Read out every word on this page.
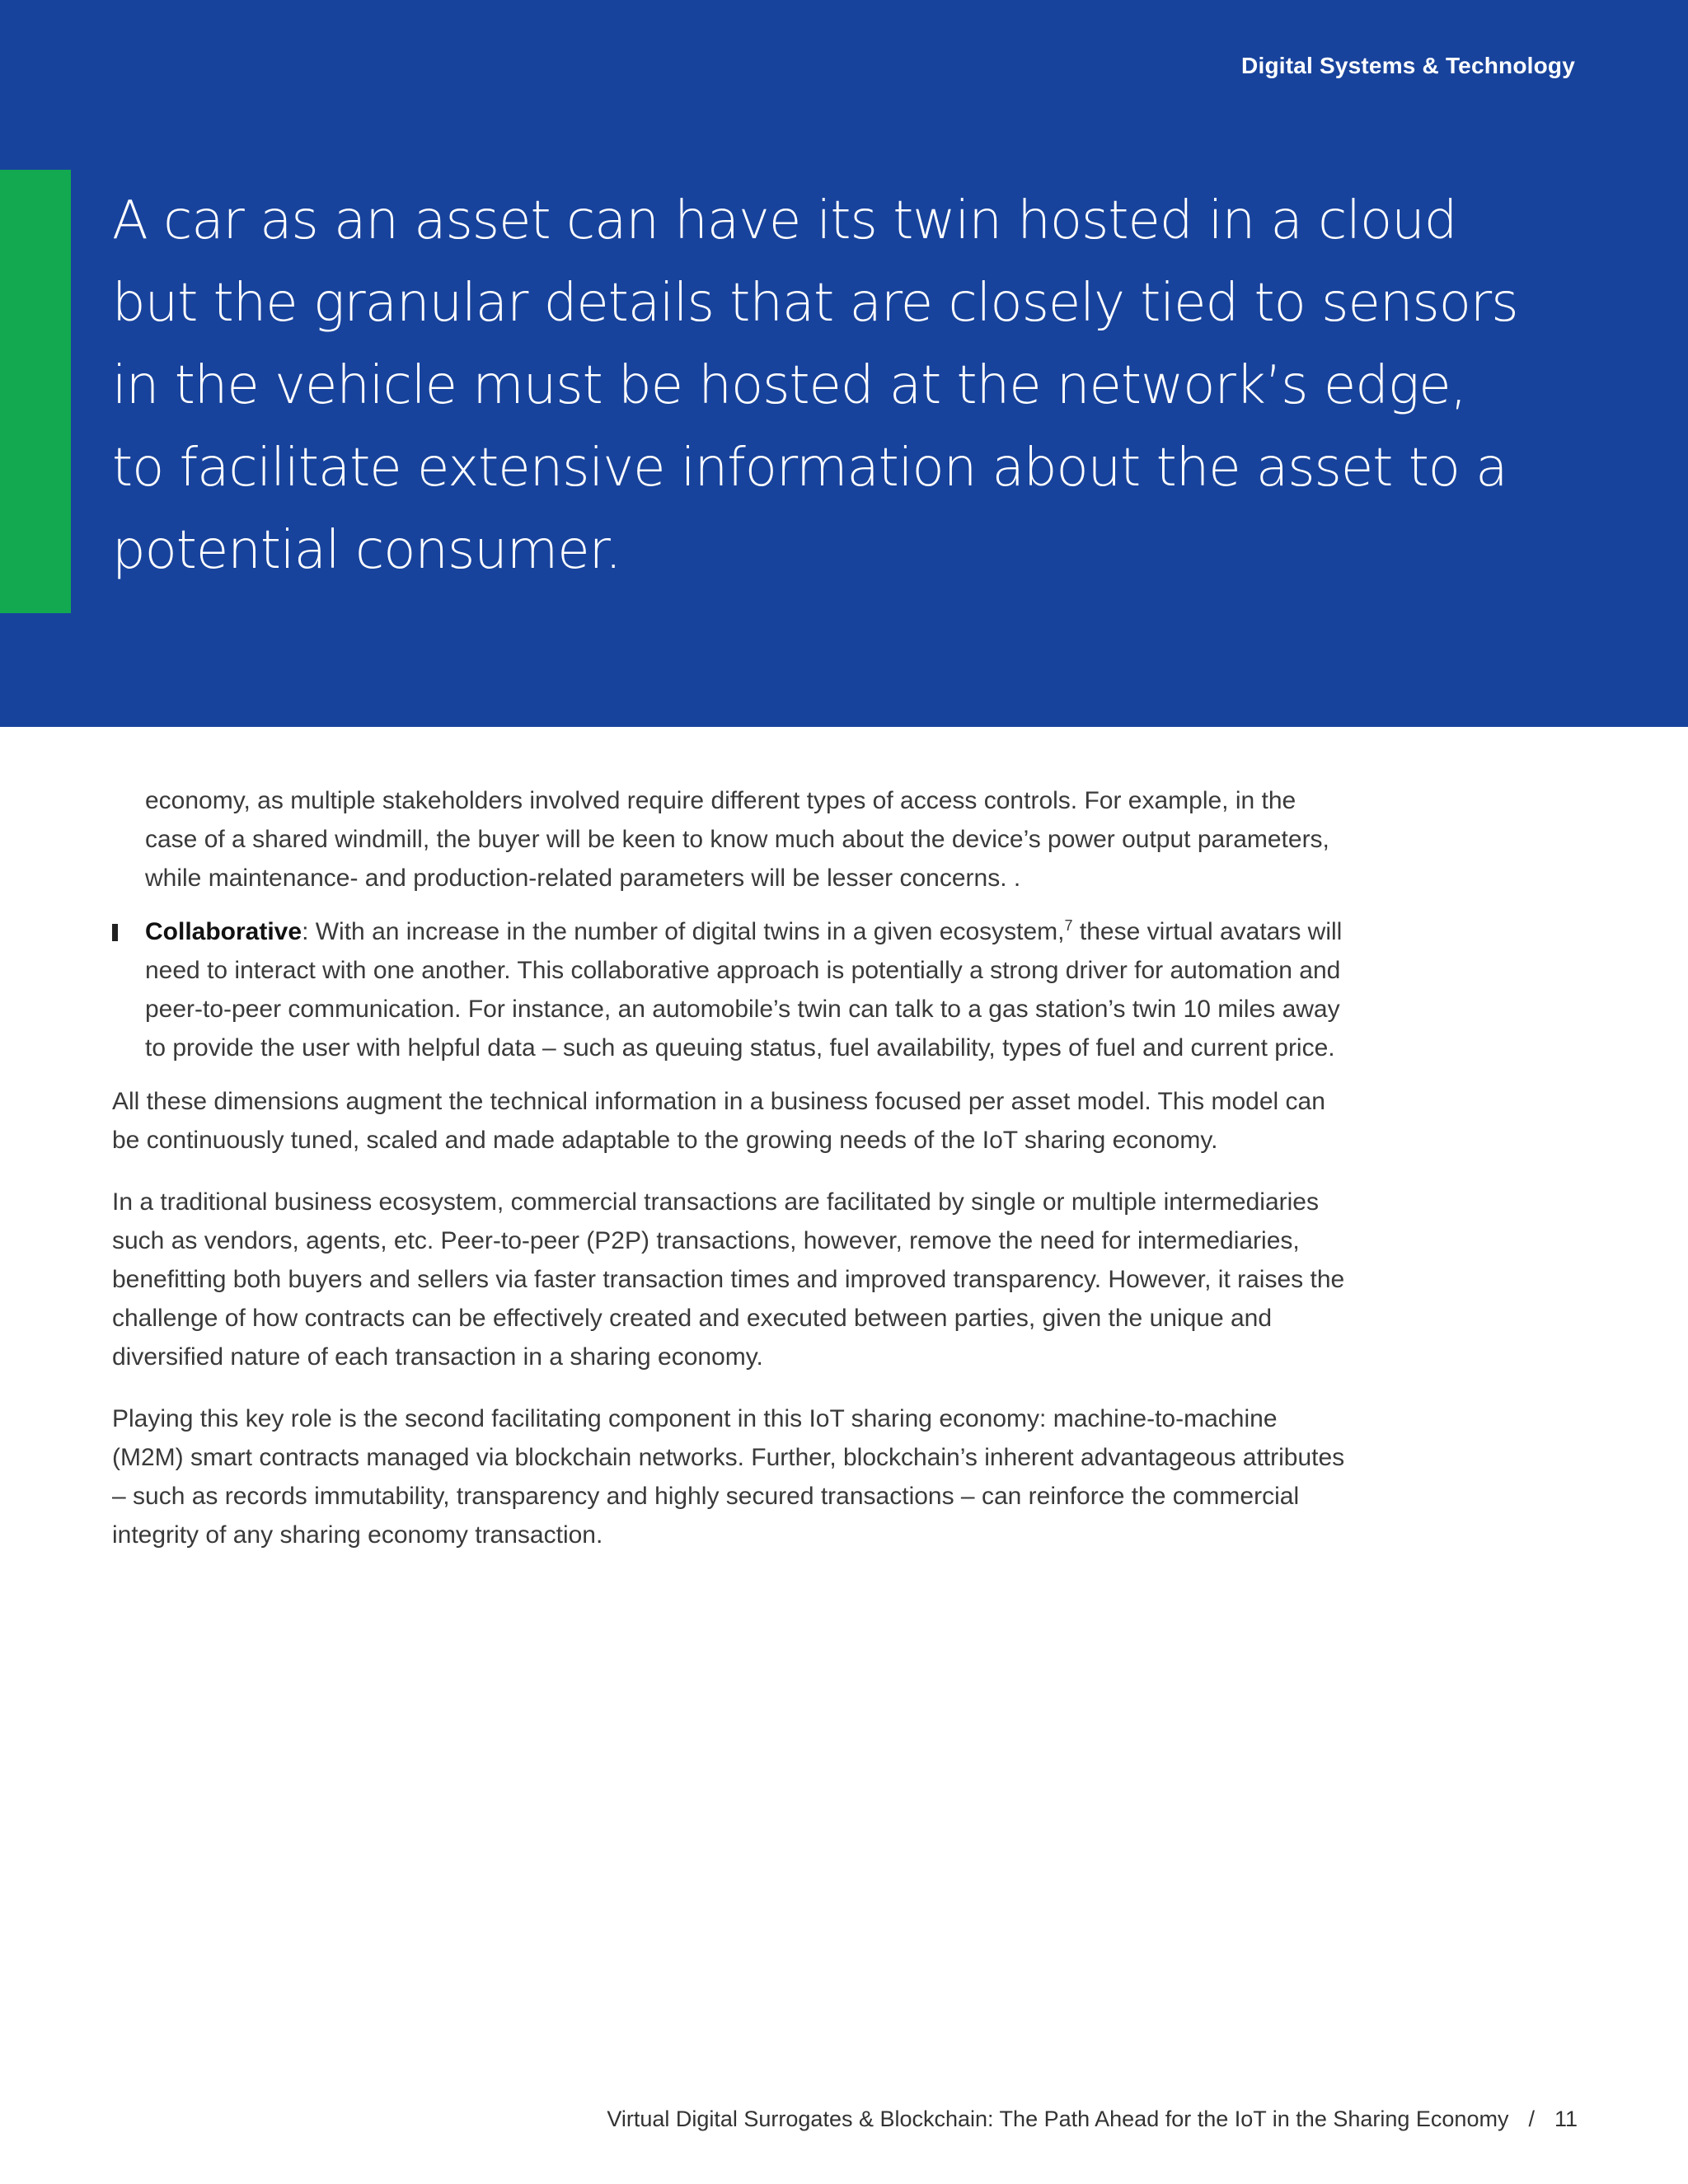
Digital Systems & Technology

A car as an asset can have its twin hosted in a cloud but the granular details that are closely tied to sensors in the vehicle must be hosted at the network’s edge, to facilitate extensive information about the asset to a potential consumer.

economy, as multiple stakeholders involved require different types of access controls. For example, in the case of a shared windmill, the buyer will be keen to know much about the device’s power output parameters, while maintenance- and production-related parameters will be lesser concerns. .

Collaborative: With an increase in the number of digital twins in a given ecosystem,$^7$ these virtual avatars will need to interact with one another. This collaborative approach is potentially a strong driver for automation and peer-to-peer communication. For instance, an automobile’s twin can talk to a gas station’s twin 10 miles away to provide the user with helpful data – such as queuing status, fuel availability, types of fuel and current price.

All these dimensions augment the technical information in a business focused per asset model. This model can be continuously tuned, scaled and made adaptable to the growing needs of the IoT sharing economy.

In a traditional business ecosystem, commercial transactions are facilitated by single or multiple intermediaries such as vendors, agents, etc. Peer-to-peer (P2P) transactions, however, remove the need for intermediaries, benefitting both buyers and sellers via faster transaction times and improved transparency. However, it raises the challenge of how contracts can be effectively created and executed between parties, given the unique and diversified nature of each transaction in a sharing economy.

Playing this key role is the second facilitating component in this IoT sharing economy: machine-to-machine (M2M) smart contracts managed via blockchain networks. Further, blockchain’s inherent advantageous attributes – such as records immutability, transparency and highly secured transactions – can reinforce the commercial integrity of any sharing economy transaction.

Virtual Digital Surrogates & Blockchain: The Path Ahead for the IoT in the Sharing Economy / 11
